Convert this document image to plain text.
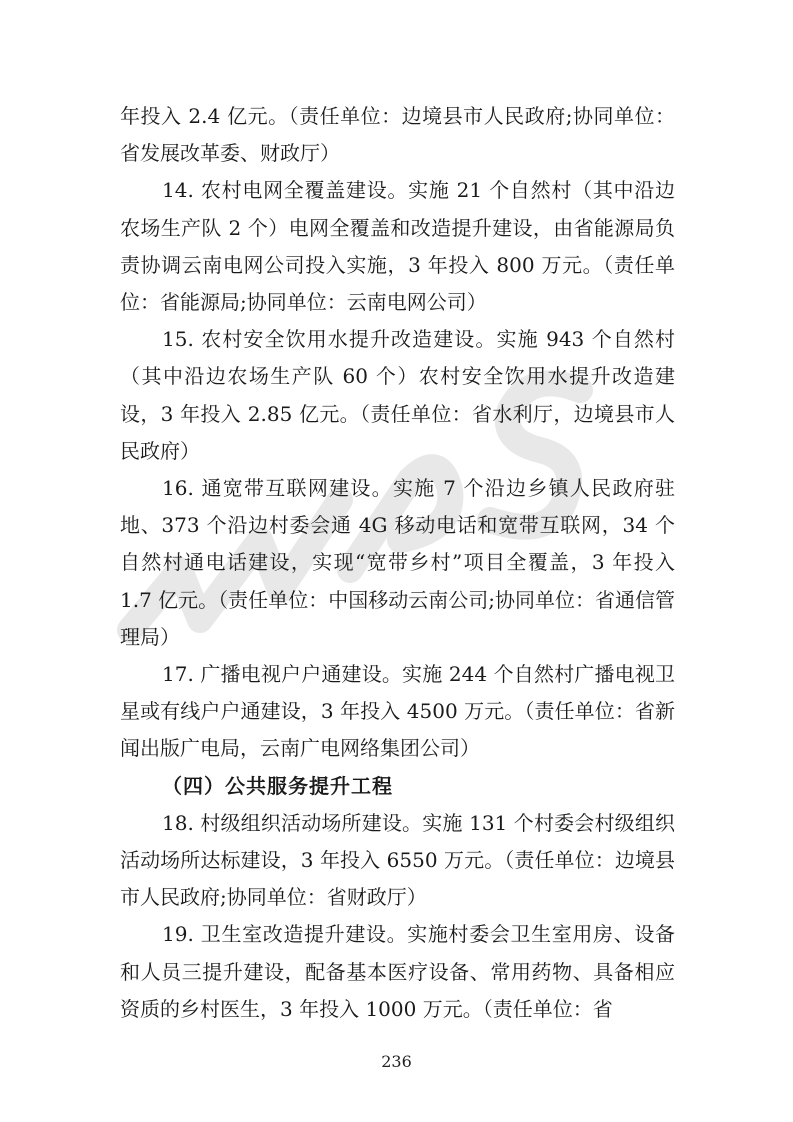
年投入 2.4 亿元。（责任单位：边境县市人民政府;协同单位：省发展改革委、财政厅）

14. 农村电网全覆盖建设。实施 21 个自然村（其中沿边农场生产队 2 个）电网全覆盖和改造提升建设，由省能源局负责协调云南电网公司投入实施，3 年投入 800 万元。（责任单位：省能源局;协同单位：云南电网公司）

15. 农村安全饮用水提升改造建设。实施 943 个自然村（其中沿边农场生产队 60 个）农村安全饮用水提升改造建设，3 年投入 2.85 亿元。（责任单位：省水利厅，边境县市人民政府）

16. 通宽带互联网建设。实施 7 个沿边乡镇人民政府驻地、373 个沿边村委会通 4G 移动电话和宽带互联网，34 个自然村通电话建设，实现“宽带乡村”项目全覆盖，3 年投入 1.7 亿元。（责任单位：中国移动云南公司;协同单位：省通信管理局）

17. 广播电视户户通建设。实施 244 个自然村广播电视卫星或有线户户通建设，3 年投入 4500 万元。（责任单位：省新闻出版广电局，云南广电网络集团公司）

（四）公共服务提升工程

18. 村级组织活动场所建设。实施 131 个村委会村级组织活动场所达标建设，3 年投入 6550 万元。（责任单位：边境县市人民政府;协同单位：省财政厅）

19. 卫生室改造提升建设。实施村委会卫生室用房、设备和人员三提升建设，配备基本医疗设备、常用药物、具备相应资质的乡村医生，3 年投入 1000 万元。（责任单位：省

236
